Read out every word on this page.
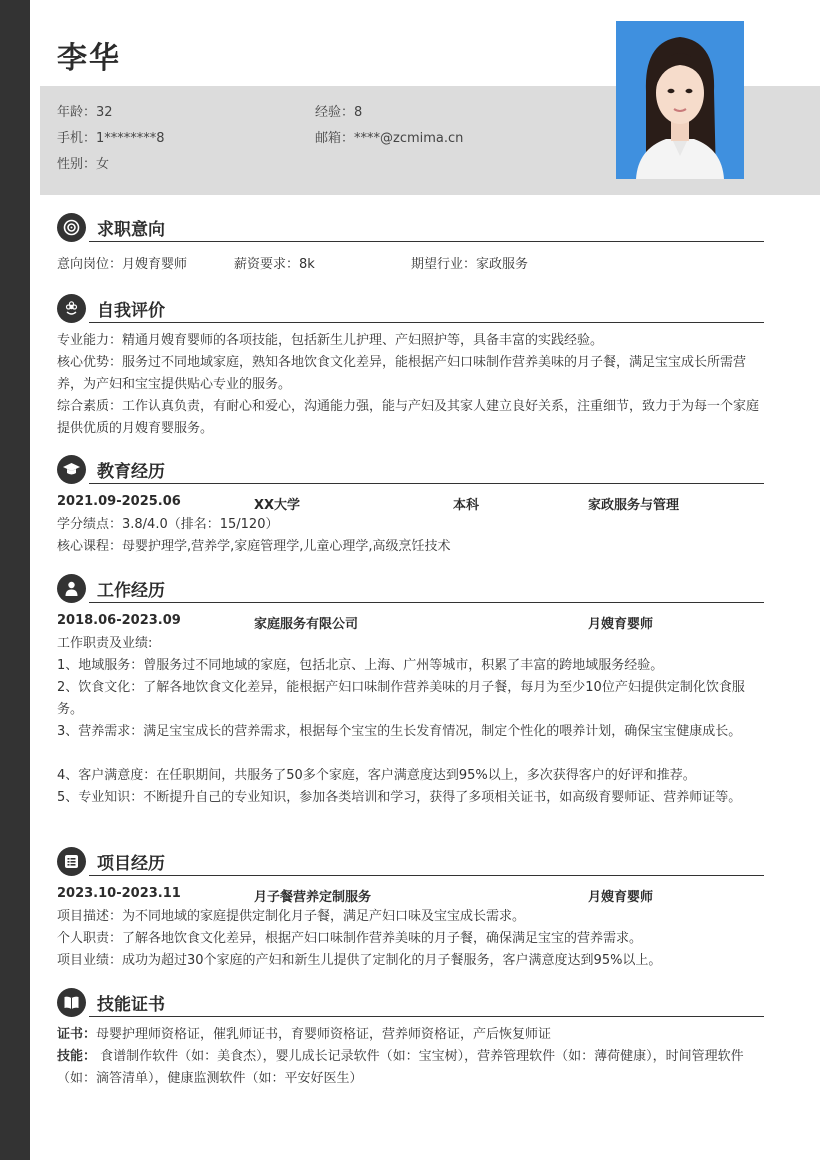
李华
年龄：32	经验：8
手机：1********8	邮箱：****@zcmima.cn
性别：女
求职意向
意向岗位：月嫂育婴师	薪资要求：8k	期望行业：家政服务
自我评价
专业能力：精通月嫂育婴师的各项技能，包括新生儿护理、产妇照护等，具备丰富的实践经验。
核心优势：服务过不同地域家庭，熟知各地饮食文化差异，能根据产妇口味制作营养美味的月子餐，满足宝宝成长所需营养，为产妇和宝宝提供贴心专业的服务。
综合素质：工作认真负责，有耐心和爱心，沟通能力强，能与产妇及其家人建立良好关系，注重细节，致力于为每一个家庭提供优质的月嫂育婴服务。
教育经历
2021.09-2025.06	XX大学	本科	家政服务与管理
学分绩点：3.8/4.0（排名：15/120）
核心课程：母婴护理学,营养学,家庭管理学,儿童心理学,高级烹饪技术
工作经历
2018.06-2023.09	家庭服务有限公司	月嫂育婴师
工作职责及业绩:
1、地域服务：曾服务过不同地域的家庭，包括北京、上海、广州等城市，积累了丰富的跨地域服务经验。
2、饮食文化：了解各地饮食文化差异，能根据产妇口味制作营养美味的月子餐，每月为至少10位产妇提供定制化饮食服务。
3、营养需求：满足宝宝成长的营养需求，根据每个宝宝的生长发育情况，制定个性化的喂养计划，确保宝宝健康成长。
4、客户满意度：在任职期间，共服务了50多个家庭，客户满意度达到95%以上，多次获得客户的好评和推荐。
5、专业知识：不断提升自己的专业知识，参加各类培训和学习，获得了多项相关证书，如高级育婴师证、营养师证等。
项目经历
2023.10-2023.11	月子餐营养定制服务	月嫂育婴师
项目描述：为不同地域的家庭提供定制化月子餐，满足产妇口味及宝宝成长需求。
个人职责：了解各地饮食文化差异，根据产妇口味制作营养美味的月子餐，确保满足宝宝的营养需求。
项目业绩：成功为超过30个家庭的产妇和新生儿提供了定制化的月子餐服务，客户满意度达到95%以上。
技能证书
证书：母婴护理师资格证，催乳师证书，育婴师资格证，营养师资格证，产后恢复师证
技能： 食谱制作软件（如：美食杰），婴儿成长记录软件（如：宝宝树），营养管理软件（如：薄荷健康），时间管理软件（如：滴答清单），健康监测软件（如：平安好医生）
